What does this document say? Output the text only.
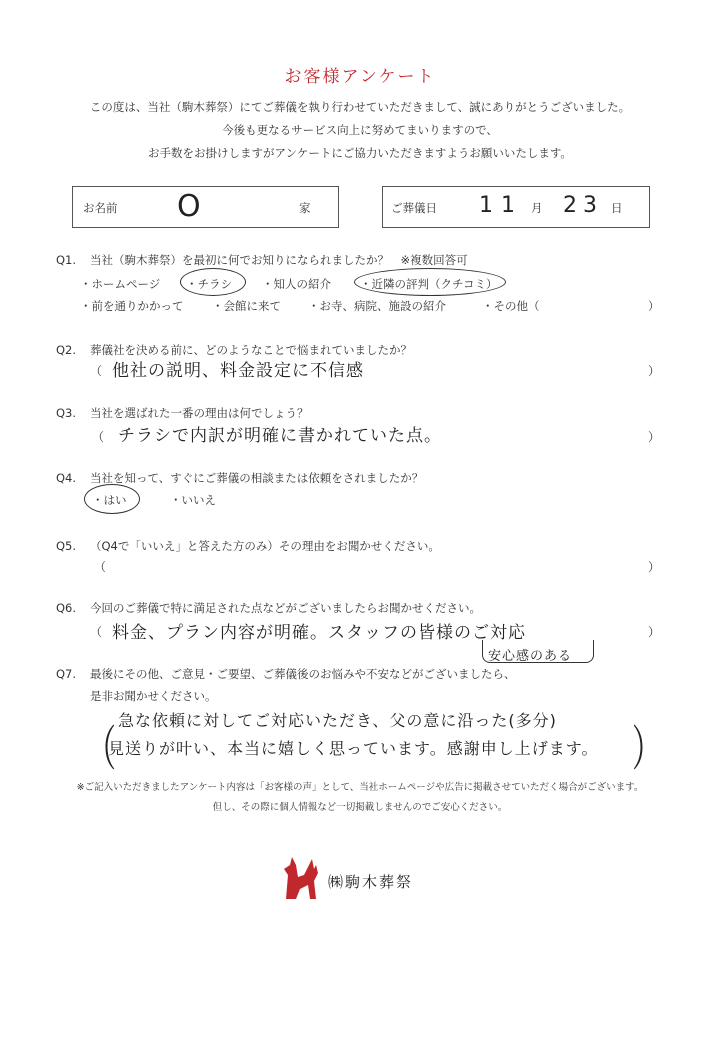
お客様アンケート
この度は、当社（駒木葬祭）にてご葬儀を執り行わせていただきまして、誠にありがとうございました。
今後も更なるサービス向上に努めてまいりますので、
お手数をお掛けしますがアンケートにご協力いただきますようお願いいたします。
お名前 O	家	ご葬儀日 11 月 23 日
Q1. 当社（駒木葬祭）を最初に何でお知りになられましたか？　※複数回答可
・ホームページ ・チラシ	・知人の紹介	・近隣の評判（クチコミ）
・前を通りかかって ・会館に来て ・お寺、病院、施設の紹介	・その他（	）
Q2. 葬儀社を決める前に、どのようなことで悩まれていましたか？
（ 他社の説明、料金設定に不信感	）
Q3. 当社を選ばれた一番の理由は何でしょう？
（ チラシで内訳が明確に書かれていた点。	）
Q4. 当社を知って、すぐにご葬儀の相談または依頼をされましたか？
・はい	・いいえ
Q5. （Q4で「いいえ」と答えた方のみ）その理由をお聞かせください。
（	）
Q6. 今回のご葬儀で特に満足された点などがございましたらお聞かせください。
（ 料金、プラン内容が明確。スタッフの皆様のご対応
安心感のある
）
Q7. 最後にその他、ご意見・ご要望、ご葬儀後のお悩みや不安などがございましたら、
是非お聞かせください。
（
急な依頼に対してご対応いただき、父の意に沿った(多分)
見送りが叶い、本当に嬉しく思っています。感謝申し上げます。 ）
※ご記入いただきましたアンケート内容は「お客様の声」として、当社ホームページや広告に掲載させていただく場合がございます。
但し、その際に個人情報など一切掲載しませんのでご安心ください。
㈱駒木葬祭
